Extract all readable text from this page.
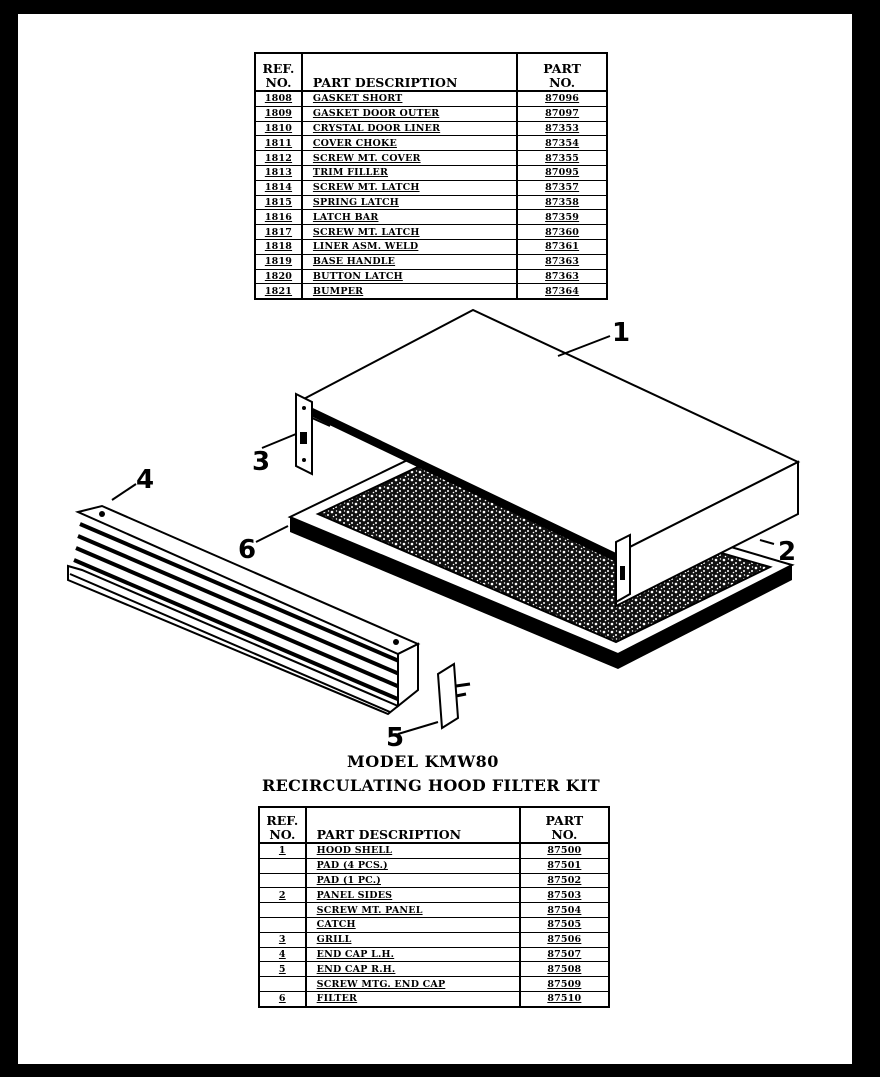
REF.
NO.	PART DESCRIPTION	PART
NO.
1808	GASKET SHORT	87096
1809	GASKET DOOR OUTER	87097
1810	CRYSTAL DOOR LINER	87353
1811	COVER CHOKE	87354
1812	SCREW MT. COVER	87355
1813	TRIM FILLER	87095
1814	SCREW MT. LATCH	87357
1815	SPRING LATCH	87358
1816	LATCH BAR	87359
1817	SCREW MT. LATCH	87360
1818	LINER ASM. WELD	87361
1819	BASE HANDLE	87363
1820	BUTTON LATCH	87363
1821	BUMPER	87364
1
2
3
4
5
6
MODEL KMW80
RECIRCULATING HOOD FILTER KIT
REF.
NO.	PART DESCRIPTION	PART
NO.
1	HOOD SHELL	87500
	PAD (4 PCS.)	87501
	PAD (1 PC.)	87502
2	PANEL SIDES	87503
	SCREW MT. PANEL	87504
	CATCH	87505
3	GRILL	87506
4	END CAP L.H.	87507
5	END CAP R.H.	87508
	SCREW MTG. END CAP	87509
6	FILTER	87510
